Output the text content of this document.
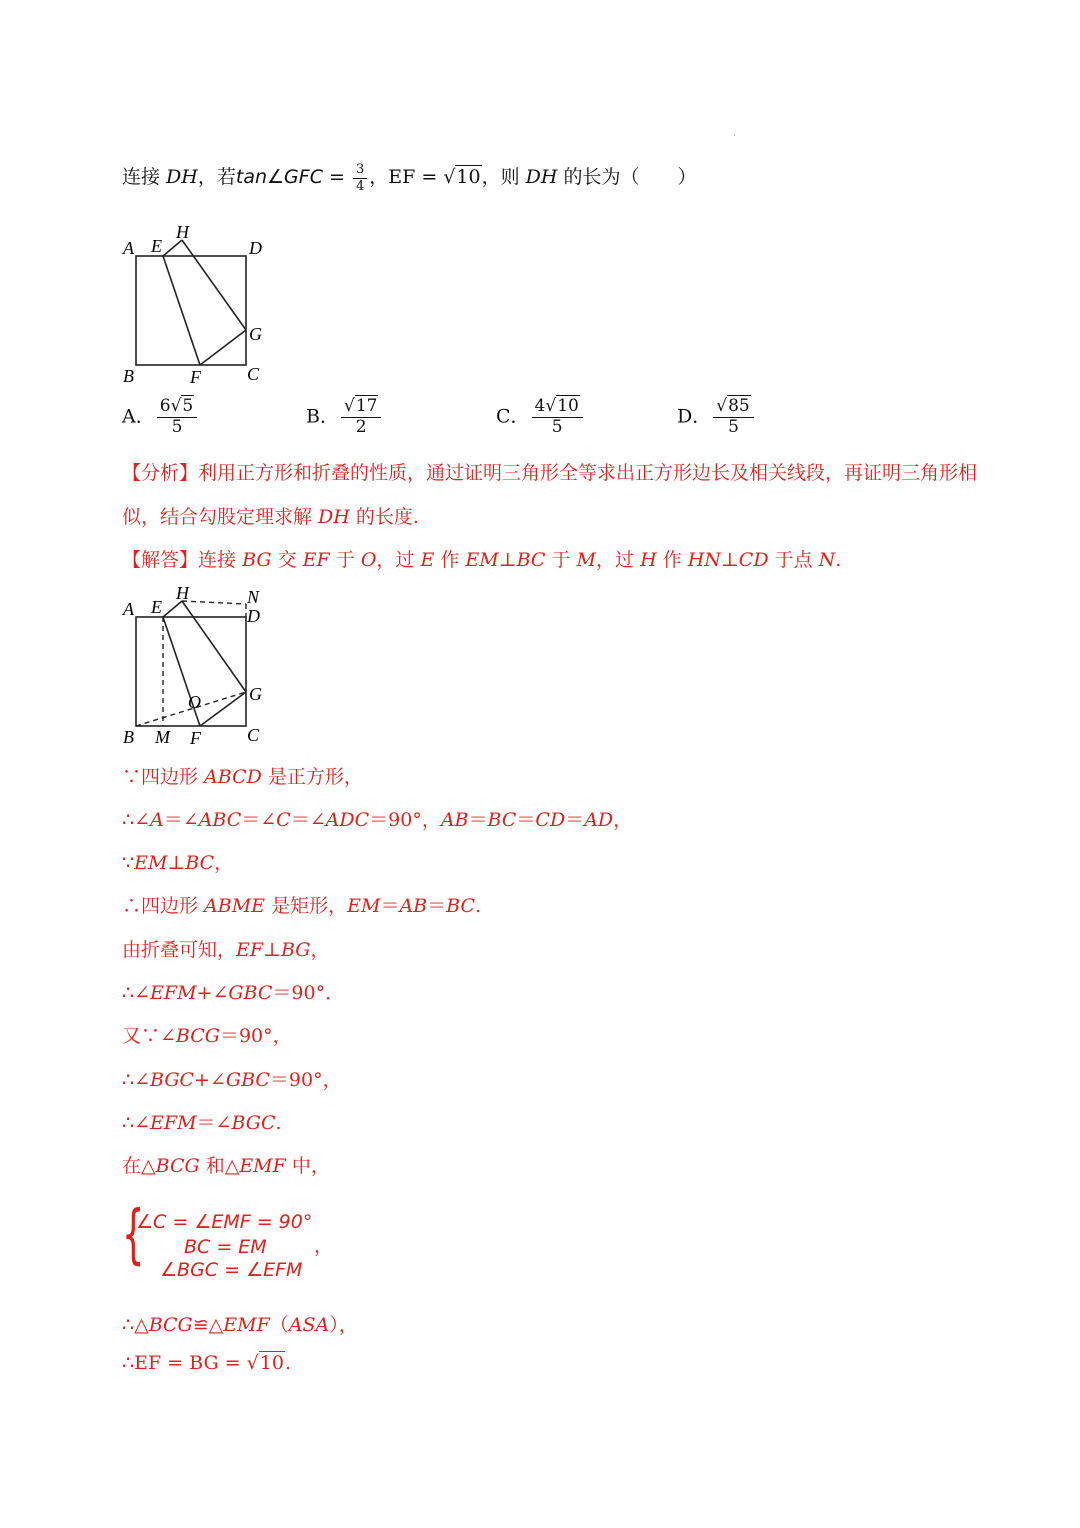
.
连接 DH，若tan∠GFC = $\frac{3}{4}$ ，EF = √10，则 DH 的长为（　　）
A E
H
D
G
B	F	C
A． $\frac{6√5}{5}$	B． $\frac{√17}{2}$	C． $\frac{4√10}{5}$	D． $\frac{√85}{5}$
【分析】利用正方形和折叠的性质，通过证明三角形全等求出正方形边长及相关线段，再证明三角形相
似，结合勾股定理求解 DH 的长度.
【解答】连接 BG 交 EF 于 O，过 E 作 EM⊥BC 于 M，过 H 作 HN⊥CD 于点 N.
A E
H	N
D
G
O
B M F	C
∵四边形 ABCD 是正方形，
∴∠A＝∠ABC＝∠C＝∠ADC＝90°，AB＝BC＝CD＝AD，
∵EM⊥BC，
∴四边形 ABME 是矩形，EM＝AB＝BC.
由折叠可知，EF⊥BG，
∴∠EFM+∠GBC＝90°．
又∵∠BCG＝90°，
∴∠BGC+∠GBC＝90°，
∴∠EFM＝∠BGC.
在△BCG 和△EMF 中，
{
∠C = ∠EMF = 90°
BC = EM
∠BGC = ∠EFM
，
∴△BCG≌△EMF（ASA），
∴EF = BG = √10.
